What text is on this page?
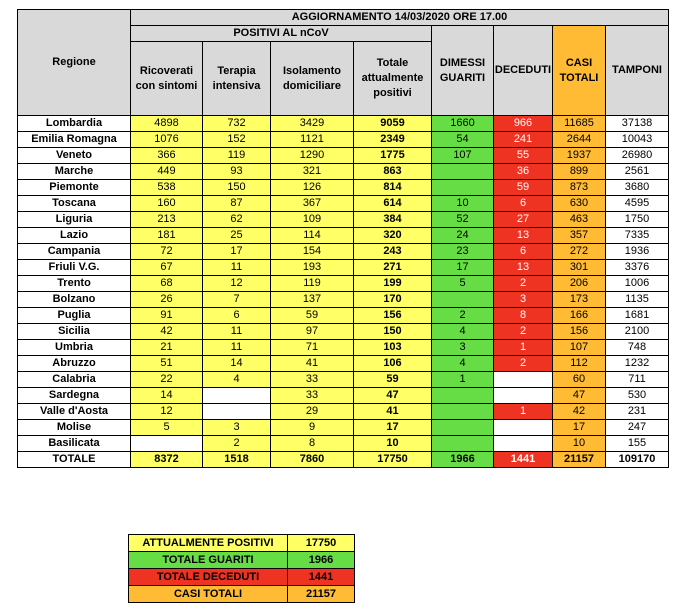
Regione	AGGIORNAMENTO 14/03/2020 ORE 17.00							
	POSITIVI AL nCoV				DIMESSI GUARITI	DECEDUTI	CASI TOTALI	TAMPONI
	Ricoverati con sintomi	Terapia intensiva	Isolamento domiciliare	Totale attualmente positivi				
Lombardia	4898	732	3429	9059	1660	966	11685	37138
Emilia Romagna	1076	152	1121	2349	54	241	2644	10043
Veneto	366	119	1290	1775	107	55	1937	26980
Marche	449	93	321	863		36	899	2561
Piemonte	538	150	126	814		59	873	3680
Toscana	160	87	367	614	10	6	630	4595
Liguria	213	62	109	384	52	27	463	1750
Lazio	181	25	114	320	24	13	357	7335
Campania	72	17	154	243	23	6	272	1936
Friuli V.G.	67	11	193	271	17	13	301	3376
Trento	68	12	119	199	5	2	206	1006
Bolzano	26	7	137	170		3	173	1135
Puglia	91	6	59	156	2	8	166	1681
Sicilia	42	11	97	150	4	2	156	2100
Umbria	21	11	71	103	3	1	107	748
Abruzzo	51	14	41	106	4	2	112	1232
Calabria	22	4	33	59	1		60	711
Sardegna	14		33	47			47	530
Valle d'Aosta	12		29	41		1	42	231
Molise	5	3	9	17			17	247
Basilicata		2	8	10			10	155
TOTALE	8372	1518	7860	17750	1966	1441	21157	109170
ATTUALMENTE POSITIVI	17750
TOTALE GUARITI	1966
TOTALE DECEDUTI	1441
CASI TOTALI	21157
